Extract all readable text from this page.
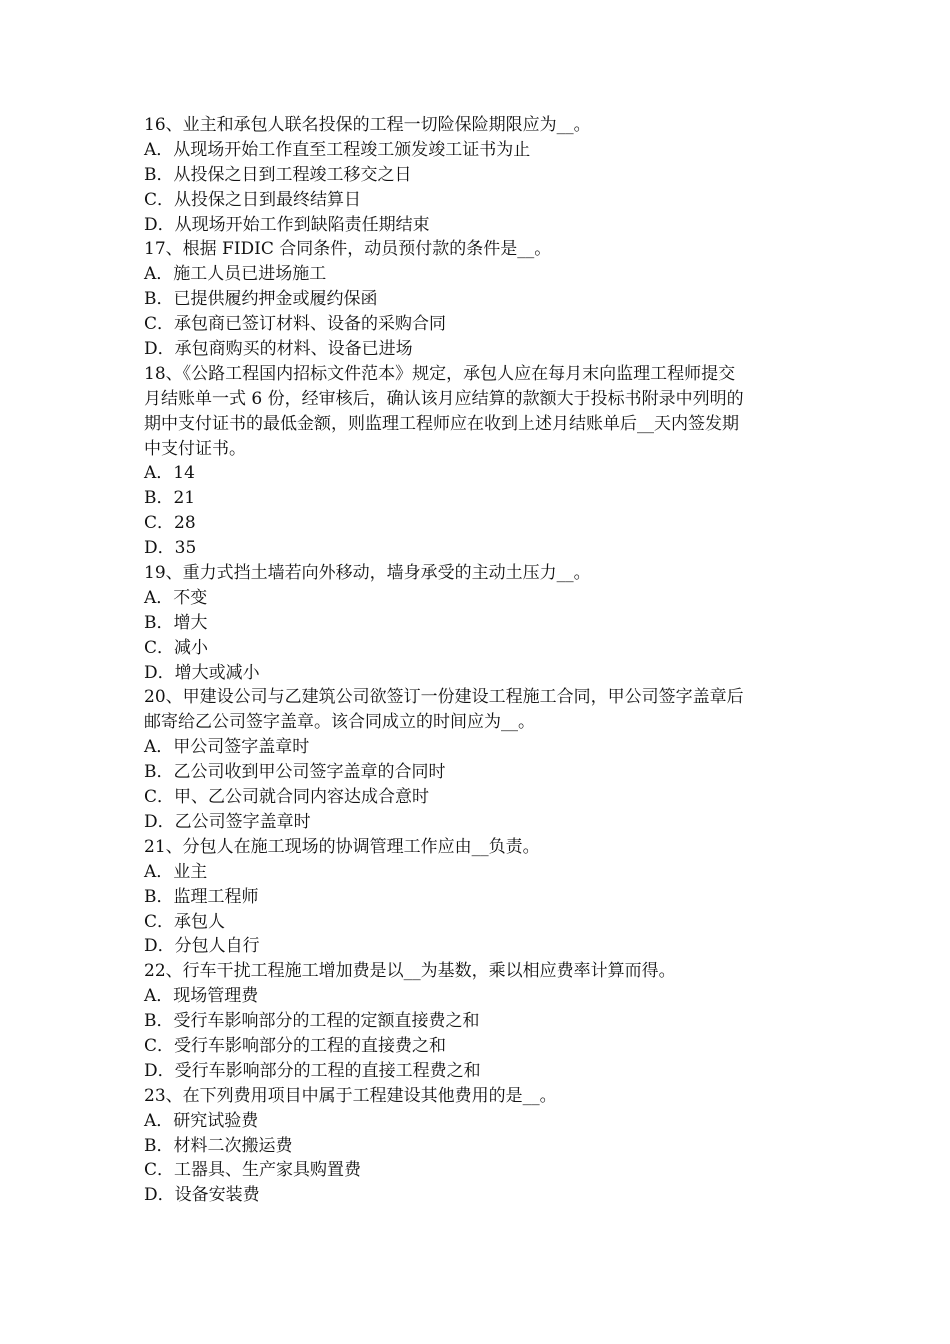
16、业主和承包人联名投保的工程一切险保险期限应为__。
A．从现场开始工作直至工程竣工颁发竣工证书为止
B．从投保之日到工程竣工移交之日
C．从投保之日到最终结算日
D．从现场开始工作到缺陷责任期结束
17、根据 FIDIC 合同条件，动员预付款的条件是__。
A．施工人员已进场施工
B．已提供履约押金或履约保函
C．承包商已签订材料、设备的采购合同
D．承包商购买的材料、设备已进场
18、《公路工程国内招标文件范本》规定，承包人应在每月末向监理工程师提交
月结账单一式 6 份，经审核后，确认该月应结算的款额大于投标书附录中列明的
期中支付证书的最低金额，则监理工程师应在收到上述月结账单后__天内签发期
中支付证书。
A．14
B．21
C．28
D．35
19、重力式挡土墙若向外移动，墙身承受的主动土压力__。
A．不变
B．增大
C．减小
D．增大或减小
20、甲建设公司与乙建筑公司欲签订一份建设工程施工合同，甲公司签字盖章后
邮寄给乙公司签字盖章。该合同成立的时间应为__。
A．甲公司签字盖章时
B．乙公司收到甲公司签字盖章的合同时
C．甲、乙公司就合同内容达成合意时
D．乙公司签字盖章时
21、分包人在施工现场的协调管理工作应由__负责。
A．业主
B．监理工程师
C．承包人
D．分包人自行
22、行车干扰工程施工增加费是以__为基数，乘以相应费率计算而得。
A．现场管理费
B．受行车影响部分的工程的定额直接费之和
C．受行车影响部分的工程的直接费之和
D．受行车影响部分的工程的直接工程费之和
23、在下列费用项目中属于工程建设其他费用的是__。
A．研究试验费
B．材料二次搬运费
C．工器具、生产家具购置费
D．设备安装费
